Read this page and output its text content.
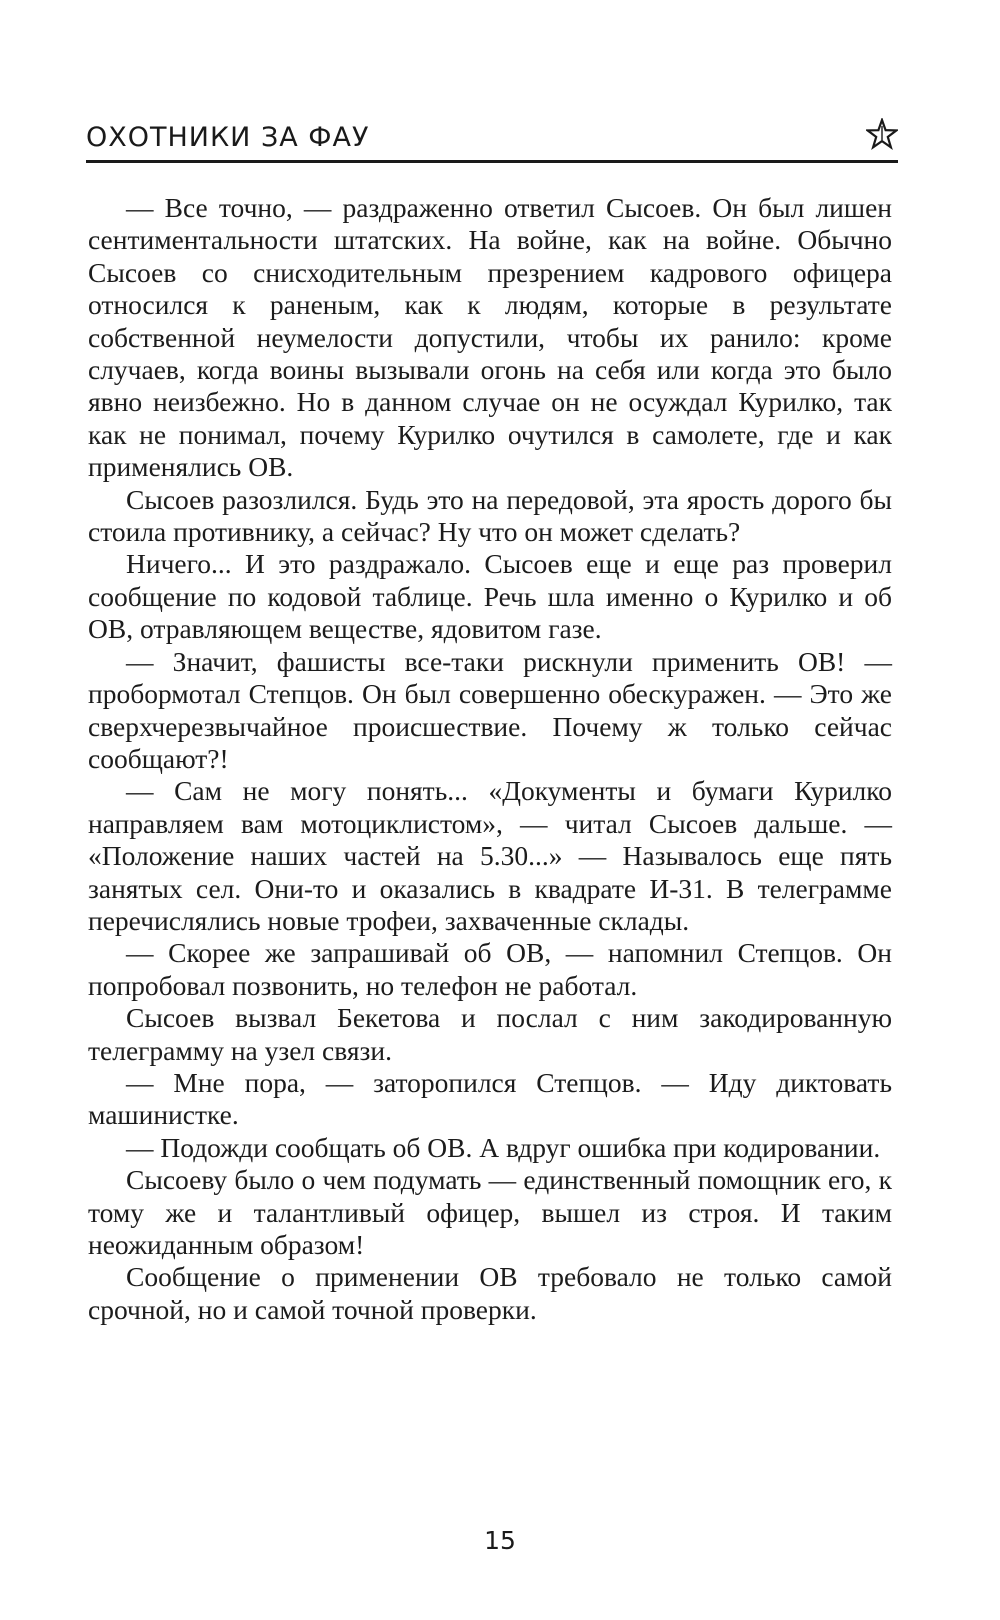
ОХОТНИКИ ЗА ФАУ

— Все точно, — раздраженно ответил Сысоев. Он был лишен сентиментальности штатских. На войне, как на войне. Обычно Сысоев со снисходительным презрением кадрового офицера относился к раненым, как к людям, которые в результате собственной неумелости допустили, чтобы их ранило: кроме случаев, когда воины вызывали огонь на себя или когда это было явно неизбежно. Но в данном случае он не осуждал Курилко, так как не понимал, почему Курилко очутился в самолете, где и как применялись ОВ.

Сысоев разозлился. Будь это на передовой, эта ярость дорого бы стоила противнику, а сейчас? Ну что он может сделать?

Ничего... И это раздражало. Сысоев еще и еще раз проверил сообщение по кодовой таблице. Речь шла именно о Курилко и об ОВ, отравляющем веществе, ядовитом газе.

— Значит, фашисты все-таки рискнули применить ОВ! — пробормотал Степцов. Он был совершенно обескуражен. — Это же сверхчерезвычайное происшествие. Почему ж только сейчас сообщают?!

— Сам не могу понять... «Документы и бумаги Курилко направляем вам мотоциклистом», — читал Сысоев дальше. — «Положение наших частей на 5.30...» — Называлось еще пять занятых сел. Они-то и оказались в квадрате И-31. В телеграмме перечислялись новые трофеи, захваченные склады.

— Скорее же запрашивай об ОВ, — напомнил Степцов. Он попробовал позвонить, но телефон не работал.

Сысоев вызвал Бекетова и послал с ним закодированную телеграмму на узел связи.

— Мне пора, — заторопился Степцов. — Иду диктовать машинистке.

— Подожди сообщать об ОВ. А вдруг ошибка при кодировании.

Сысоеву было о чем подумать — единственный помощник его, к тому же и талантливый офицер, вышел из строя. И таким неожиданным образом!

Сообщение о применении ОВ требовало не только самой срочной, но и самой точной проверки.

15
